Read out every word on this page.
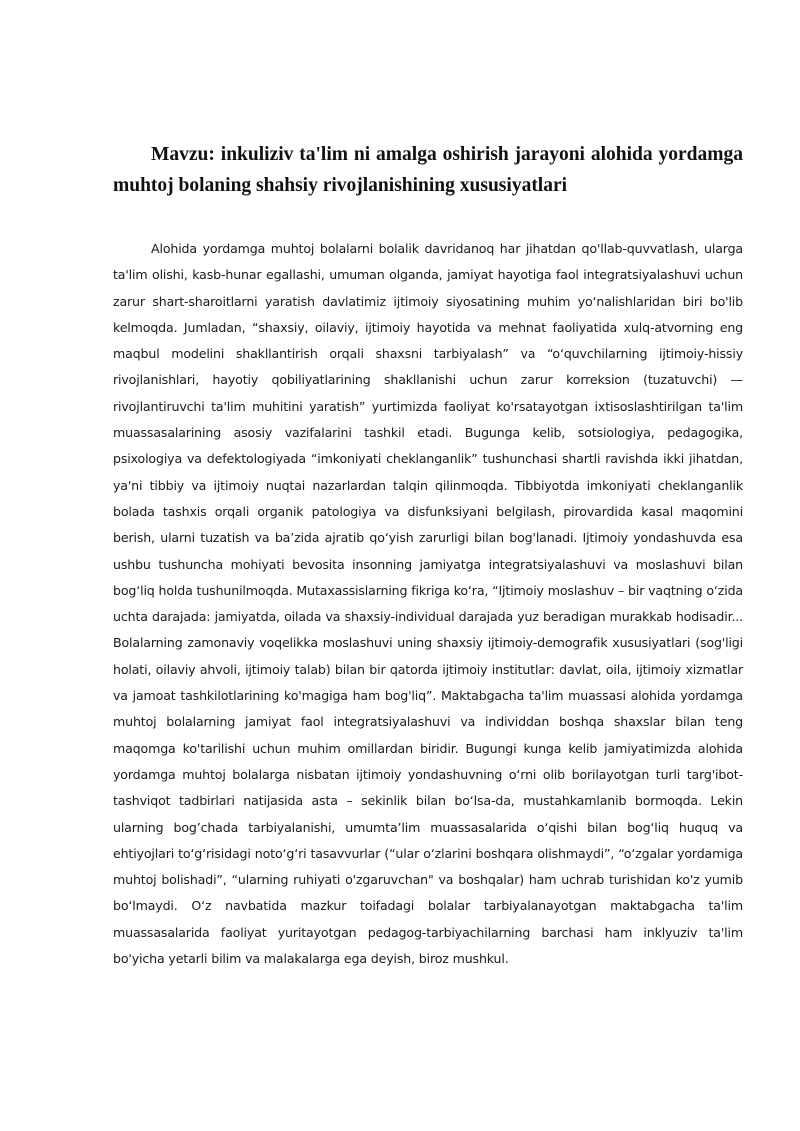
Mavzu: inkuliziv ta'lim ni amalga oshirish jarayoni alohida yordamga
muhtoj bolaning shahsiy rivojlanishining xususiyatlari

Alohida yordamga muhtoj bolalarni bolalik davridanoq har jihatdan qo'llab-quvvatlash, ularga ta'lim olishi, kasb-hunar egallashi, umuman olganda, jamiyat hayotiga faol integratsiyalashuvi uchun zarur shart-sharoitlarni yaratish davlatimiz ijtimoiy siyosatining muhim yo‘nalishlaridan biri bo'lib kelmoqda. Jumladan, “shaxsiy, oilaviy, ijtimoiy hayotida va mehnat faoliyatida xulq-atvorning eng maqbul modelini shakllantirish orqali shaxsni tarbiyalash” va “o‘quvchilarning ijtimoiy-hissiy rivojlanishlari, hayotiy qobiliyatlarining shakllanishi uchun zarur korreksion (tuzatuvchi) — rivojlantiruvchi ta'lim muhitini yaratish” yurtimizda faoliyat ko'rsatayotgan ixtisoslashtirilgan ta'lim muassasalarining asosiy vazifalarini tashkil etadi. Bugunga kelib, sotsiologiya, pedagogika, psixologiya va defektologiyada “imkoniyati cheklanganlik” tushunchasi shartli ravishda ikki jihatdan, ya'ni tibbiy va ijtimoiy nuqtai nazarlardan talqin qilinmoqda. Tibbiyotda imkoniyati cheklanganlik bolada tashxis orqali organik patologiya va disfunksiyani belgilash, pirovardida kasal maqomini berish, ularni tuzatish va ba’zida ajratib qo‘yish zarurligi bilan bog'lanadi. Ijtimoiy yondashuvda esa ushbu tushuncha mohiyati bevosita insonning jamiyatga integratsiyalashuvi va moslashuvi bilan bog‘liq holda tushunilmoqda. Mutaxassislarning fikriga ko‘ra, “Ijtimoiy moslashuv – bir vaqtning o‘zida uchta darajada: jamiyatda, oilada va shaxsiy-individual darajada yuz beradigan murakkab hodisadir... Bolalarning zamonaviy voqelikka moslashuvi uning shaxsiy ijtimoiy-demografik xususiyatlari (sog'ligi holati, oilaviy ahvoli, ijtimoiy talab) bilan bir qatorda ijtimoiy institutlar: davlat, oila, ijtimoiy xizmatlar va jamoat tashkilotlarining ko'magiga ham bog'liq”. Maktabgacha ta'lim muassasi alohida yordamga muhtoj bolalarning jamiyat faol integratsiyalashuvi va individdan boshqa shaxslar bilan teng maqomga ko'tarilishi uchun muhim omillardan biridir. Bugungi kunga kelib jamiyatimizda alohida yordamga muhtoj bolalarga nisbatan ijtimoiy yondashuvning o‘rni olib borilayotgan turli targ'ibot-tashviqot tadbirlari natijasida asta – sekinlik bilan bo‘lsa-da, mustahkamlanib bormoqda. Lekin ularning bog’chada tarbiyalanishi, umumta’lim muassasalarida o‘qishi bilan bog‘liq huquq va ehtiyojlari to‘g‘risidagi noto‘g‘ri tasavvurlar (“ular o‘zlarini boshqara olishmaydi”, “o‘zgalar yordamiga muhtoj bolishadi”, “ularning ruhiyati o'zgaruvchan" va boshqalar) ham uchrab turishidan ko'z yumib bo‘lmaydi. O‘z navbatida mazkur toifadagi bolalar tarbiyalanayotgan maktabgacha ta'lim muassasalarida faoliyat yuritayotgan pedagog-tarbiyachilarning barchasi ham inklyuziv ta'lim bo'yicha yetarli bilim va malakalarga ega deyish, biroz mushkul.
